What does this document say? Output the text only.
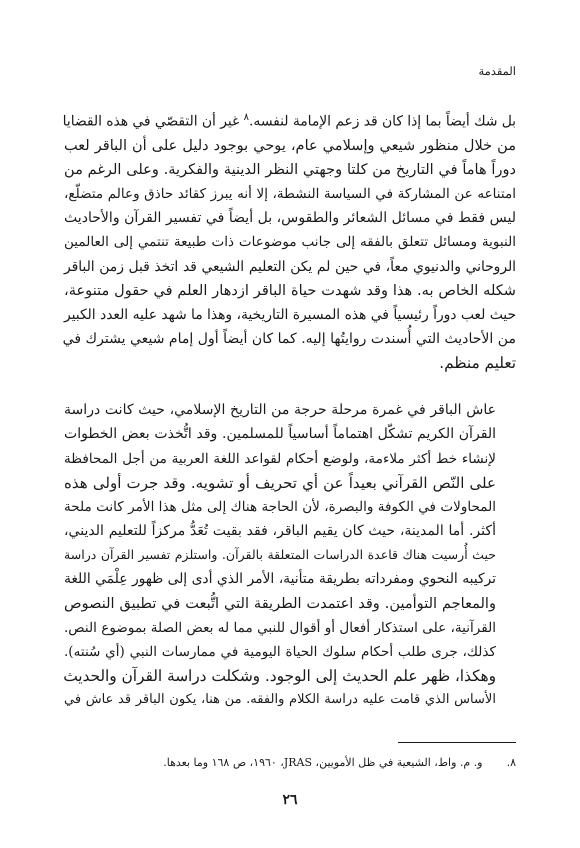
المقدمة

بل شك أيضاً بما إذا كان قد زعم الإمامة لنفسه.$^٨$ غير أن التقصّي في هذه القضايا
من خلال منظور شيعي وإسلامي عام، يوحي بوجود دليل على أن الباقر لعب
دوراً هاماً في التاريخ من كلتا وجهتي النظر الدينية والفكرية. وعلى الرغم من
امتناعه عن المشاركة في السياسة النشطة، إلا أنه يبرز كقائد حاذق وعالم متضلّع،
ليس فقط في مسائل الشعائر والطقوس، بل أيضاً في تفسير القرآن والأحاديث
النبوية ومسائل تتعلق بالفقه إلى جانب موضوعات ذات طبيعة تنتمي إلى العالمين
الروحاني والدنيوي معاً، في حين لم يكن التعليم الشيعي قد اتخذ قبل زمن الباقر
شكله الخاص به. هذا وقد شهدت حياة الباقر ازدهار العلم في حقول متنوعة،
حيث لعب دوراً رئيسياً في هذه المسيرة التاريخية، وهذا ما شهد عليه العدد الكبير
من الأحاديث التي أُسندت روايتُها إليه. كما كان أيضاً أول إمام شيعي يشترك في
تعليم منظم.

عاش الباقر في غمرة مرحلة حرجة من التاريخ الإسلامي، حيث كانت دراسة
القرآن الكريم تشكّل اهتماماً أساسياً للمسلمين. وقد اتُّخذت بعض الخطوات
لإنشاء خط أكثر ملاءمة، ولوضع أحكام لقواعد اللغة العربية من أجل المحافظة
على النّص القرآني بعيداً عن أي تحريف أو تشويه. وقد جرت أولى هذه
المحاولات في الكوفة والبصرة، لأن الحاجة هناك إلى مثل هذا الأمر كانت ملحة
أكثر. أما المدينة، حيث كان يقيم الباقر، فقد بقيت تُعَدُّ مركزاً للتعليم الديني،
حيث أُرسيت هناك قاعدة الدراسات المتعلقة بالقرآن. واستلزم تفسير القرآن دراسة
تركيبه النحوي ومفرداته بطريقة متأنية، الأمر الذي أدى إلى ظهور عِلْمَي اللغة
والمعاجم التوأمين. وقد اعتمدت الطريقة التي اتُّبعت في تطبيق النصوص
القرآنية، على استذكار أفعال أو أقوال للنبي مما له بعض الصلة بموضوع النص.
كذلك، جرى طلب أحكام سلوك الحياة اليومية في ممارسات النبي (أي سُنته).
وهكذا، ظهر علم الحديث إلى الوجود. وشكلت دراسة القرآن والحديث
الأساس الذي قامت عليه دراسة الكلام والفقه. من هنا، يكون الباقر قد عاش في

٨. و. م. واط، الشيعية في ظل الأمويين، JRAS، ١٩٦٠، ص ١٦٨ وما بعدها.
٢٦
